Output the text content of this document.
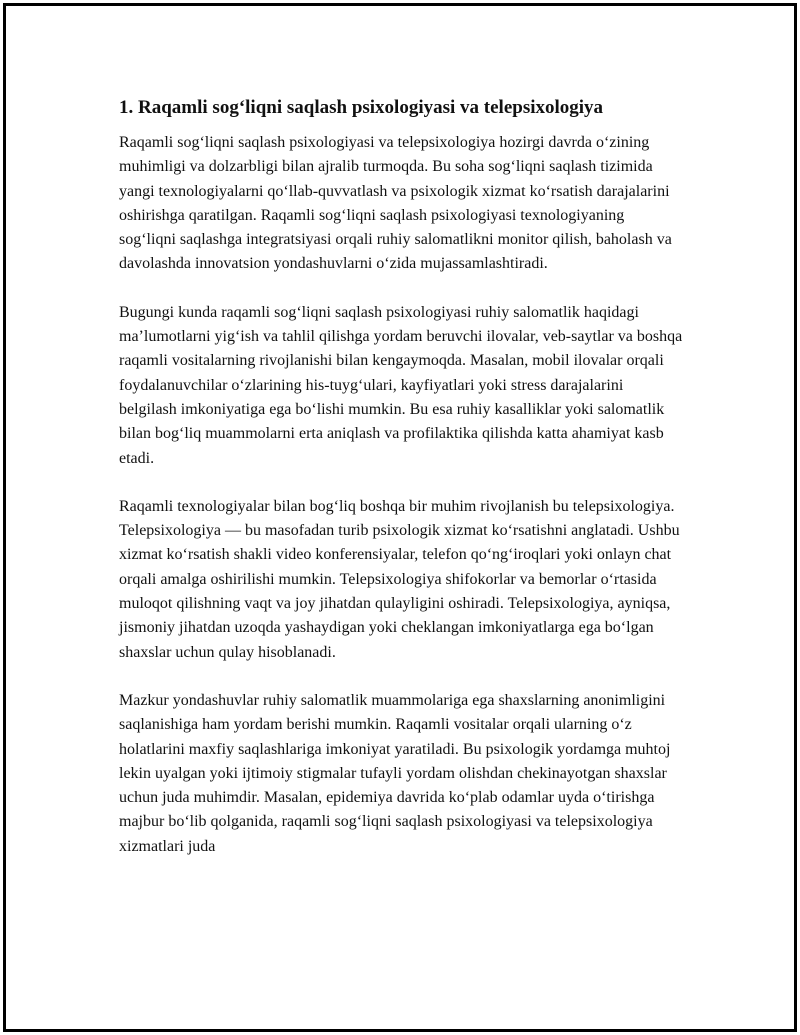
1. Raqamli sog‘liqni saqlash psixologiyasi va telepsixologiya

Raqamli sog‘liqni saqlash psixologiyasi va telepsixologiya hozirgi davrda o‘zining muhimligi va dolzarbligi bilan ajralib turmoqda. Bu soha sog‘liqni saqlash tizimida yangi texnologiyalarni qo‘llab-quvvatlash va psixologik xizmat ko‘rsatish darajalarini oshirishga qaratilgan. Raqamli sog‘liqni saqlash psixologiyasi texnologiyaning sog‘liqni saqlashga integratsiyasi orqali ruhiy salomatlikni monitor qilish, baholash va davolashda innovatsion yondashuvlarni o‘zida mujassamlashtiradi.

Bugungi kunda raqamli sog‘liqni saqlash psixologiyasi ruhiy salomatlik haqidagi ma’lumotlarni yig‘ish va tahlil qilishga yordam beruvchi ilovalar, veb-saytlar va boshqa raqamli vositalarning rivojlanishi bilan kengaymoqda. Masalan, mobil ilovalar orqali foydalanuvchilar o‘zlarining his-tuyg‘ulari, kayfiyatlari yoki stress darajalarini belgilash imkoniyatiga ega bo‘lishi mumkin. Bu esa ruhiy kasalliklar yoki salomatlik bilan bog‘liq muammolarni erta aniqlash va profilaktika qilishda katta ahamiyat kasb etadi.

Raqamli texnologiyalar bilan bog‘liq boshqa bir muhim rivojlanish bu telepsixologiya. Telepsixologiya — bu masofadan turib psixologik xizmat ko‘rsatishni anglatadi. Ushbu xizmat ko‘rsatish shakli video konferensiyalar, telefon qo‘ng‘iroqlari yoki onlayn chat orqali amalga oshirilishi mumkin. Telepsixologiya shifokorlar va bemorlar o‘rtasida muloqot qilishning vaqt va joy jihatdan qulayligini oshiradi. Telepsixologiya, ayniqsa, jismoniy jihatdan uzoqda yashaydigan yoki cheklangan imkoniyatlarga ega bo‘lgan shaxslar uchun qulay hisoblanadi.

Mazkur yondashuvlar ruhiy salomatlik muammolariga ega shaxslarning anonimligini saqlanishiga ham yordam berishi mumkin. Raqamli vositalar orqali ularning o‘z holatlarini maxfiy saqlashlariga imkoniyat yaratiladi. Bu psixologik yordamga muhtoj lekin uyalgan yoki ijtimoiy stigmalar tufayli yordam olishdan chekinayotgan shaxslar uchun juda muhimdir. Masalan, epidemiya davrida ko‘plab odamlar uyda o‘tirishga majbur bo‘lib qolganida, raqamli sog‘liqni saqlash psixologiyasi va telepsixologiya xizmatlari juda
